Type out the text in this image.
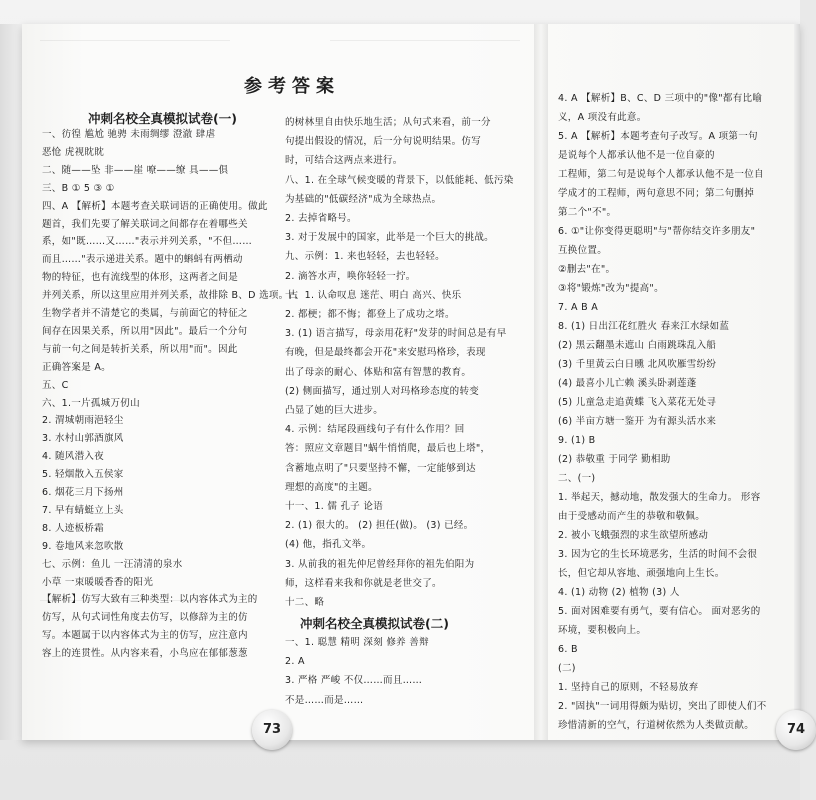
参考答案
冲刺名校全真模拟试卷(一)
一、彷徨 尴尬 驰骋 未雨绸缪 澄澈 肆虐
恶怆 虎视眈眈
二、随——坠 非——崖 嘹——缭 具——俱
三、B ① 5 ③ ①
四、A 【解析】本题考查关联词语的正确使用。做此
题首，我们先要了解关联词之间都存在着哪些关
系，如"既……又……"表示并列关系，"不但……
而且……"表示递进关系。题中的蝌蚪有两栖动
物的特征，也有流线型的体形，这两者之间是
并列关系，所以这里应用并列关系，故排除 B、D 选项。古
生物学者并不清楚它的类属，与前面它的特征之
间存在因果关系，所以用"因此"。最后一个分句
与前一句之间是转折关系，所以用"而"。因此
正确答案是 A。
五、C
六、1.一片孤城万仞山
2. 渭城朝雨浥轻尘
3. 水村山郭酒旗风
4. 随风潜入夜
5. 轻烟散入五侯家
6. 烟花三月下扬州
7. 早有蜻蜓立上头
8. 人迹板桥霜
9. 卷地风来忽吹散
七、示例：鱼儿 一汪清清的泉水
小草 一束暖暖香香的阳光
【解析】仿写大致有三种类型：以内容体式为主的
仿写，从句式词性角度去仿写，以修辞为主的仿
写。本题属于以内容体式为主的仿写，应注意内
容上的连贯性。从内容来看，小鸟应在郁郁葱葱
的树林里自由快乐地生活；从句式来看，前一分
句提出假设的情况，后一分句说明结果。仿写
时，可结合这两点来进行。
八、1. 在全球气候变暖的背景下，以低能耗、低污染
为基础的"低碳经济"成为全球热点。
2. 去掉省略号。
3. 对于发展中的国家，此举是一个巨大的挑战。
九、示例：1. 来也轻轻，去也轻轻。
2. 滴答水声，唤你轻轻一拧。
十、1. 认命叹息 迷茫、明白 高兴、快乐
2. 都梗；都不悔；都登上了成功之塔。
3. (1) 语言描写，母亲用花籽"发芽的时间总是有早
有晚，但是最终都会开花"来安慰玛格珍，表现
出了母亲的耐心、体贴和富有智慧的教育。
(2) 侧面描写，通过别人对玛格珍态度的转变
凸显了她的巨大进步。
4. 示例：结尾段画线句子有什么作用？回
答：照应文章题目"蜗牛悄悄爬，最后也上塔"，
含蓄地点明了"只要坚持不懈，一定能够到达
理想的高度"的主题。
十一、1. 儒 孔子 论语
2. (1) 很大的。 (2) 担任(做)。 (3) 已经。
(4) 他，指孔文举。
3. 从前我的祖先仲尼曾经拜你的祖先伯阳为
师，这样看来我和你就是老世交了。
十二、略
冲刺名校全真模拟试卷(二)
一、1. 聪慧 精明 深刻 修养 善辩
2. A
3. 严格 严峻 不仅……而且……
不是……而是……
4. A 【解析】B、C、D 三项中的"像"都有比喻
义，A 项没有此意。
5. A 【解析】本题考查句子改写。A 项第一句
是说每个人都承认他不是一位自豪的
工程师，第二句是说每个人都承认他不是一位自
学成才的工程师，两句意思不同；第二句删掉
第二个"不"。
6. ①"让你变得更聪明"与"帮你结交许多朋友"
互换位置。
②删去"在"。
③将"锻炼"改为"提高"。
7. A B A
8. (1) 日出江花红胜火 春来江水绿如蓝
(2) 黑云翻墨未遮山 白雨跳珠乱入船
(3) 千里黄云白日曛 北风吹雁雪纷纷
(4) 最喜小儿亡赖 溪头卧剥莲蓬
(5) 儿童急走追黄蝶 飞入菜花无处寻
(6) 半亩方塘一鉴开 为有源头活水来
9. (1) B
(2) 恭敬重 于同学 勤相助
二、(一)
1. 举起天，撼动地，散发强大的生命力。 形容
由于受感动而产生的恭敬和敬佩。
2. 被小飞蛾强烈的求生欲望所感动
3. 因为它的生长环境恶劣，生活的时间不会很
长，但它却从容地、顽强地向上生长。
4. (1) 动物 (2) 植物 (3) 人
5. 面对困难要有勇气，要有信心。 面对恶劣的
环境，要积极向上。
6. B
(二)
1. 坚持自己的原则，不轻易放弃
2. "固执"一词用得颇为贴切，突出了即使人们不
珍惜清新的空气，行道树依然为人类做贡献。
73	74
